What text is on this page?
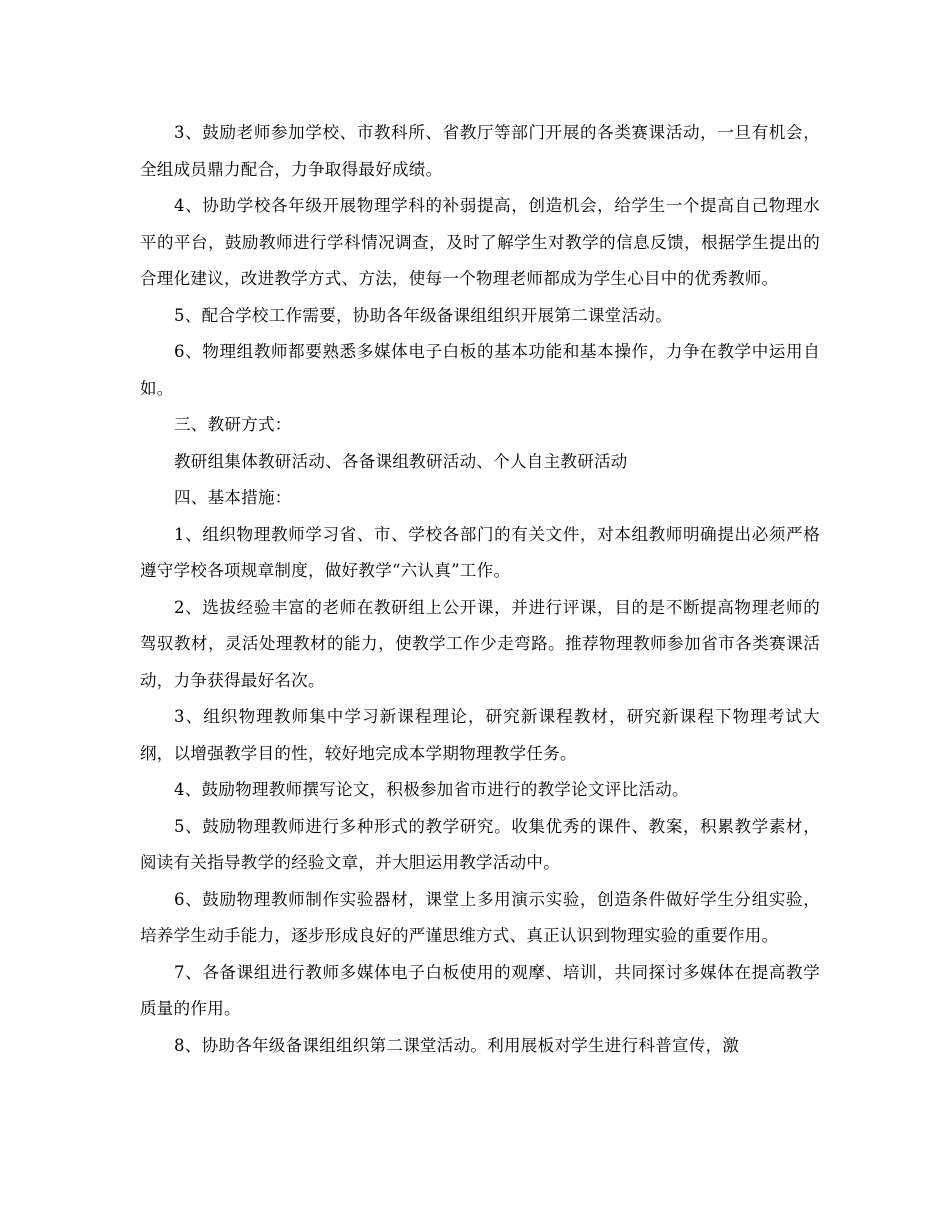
3、鼓励老师参加学校、市教科所、省教厅等部门开展的各类赛课活动，一旦有机会，全组成员鼎力配合，力争取得最好成绩。

4、协助学校各年级开展物理学科的补弱提高，创造机会，给学生一个提高自己物理水平的平台，鼓励教师进行学科情况调查，及时了解学生对教学的信息反馈，根据学生提出的合理化建议，改进教学方式、方法，使每一个物理老师都成为学生心目中的优秀教师。

5、配合学校工作需要，协助各年级备课组组织开展第二课堂活动。

6、物理组教师都要熟悉多媒体电子白板的基本功能和基本操作，力争在教学中运用自如。

三、教研方式：

教研组集体教研活动、各备课组教研活动、个人自主教研活动

四、基本措施：

1、组织物理教师学习省、市、学校各部门的有关文件，对本组教师明确提出必须严格遵守学校各项规章制度，做好教学“六认真”工作。

2、选拔经验丰富的老师在教研组上公开课，并进行评课，目的是不断提高物理老师的驾驭教材，灵活处理教材的能力，使教学工作少走弯路。推荐物理教师参加省市各类赛课活动，力争获得最好名次。

3、组织物理教师集中学习新课程理论，研究新课程教材，研究新课程下物理考试大纲，以增强教学目的性，较好地完成本学期物理教学任务。

4、鼓励物理教师撰写论文，积极参加省市进行的教学论文评比活动。

5、鼓励物理教师进行多种形式的教学研究。收集优秀的课件、教案，积累教学素材，阅读有关指导教学的经验文章，并大胆运用教学活动中。

6、鼓励物理教师制作实验器材，课堂上多用演示实验，创造条件做好学生分组实验，培养学生动手能力，逐步形成良好的严谨思维方式、真正认识到物理实验的重要作用。

7、各备课组进行教师多媒体电子白板使用的观摩、培训，共同探讨多媒体在提高教学质量的作用。

8、协助各年级备课组组织第二课堂活动。利用展板对学生进行科普宣传，激
